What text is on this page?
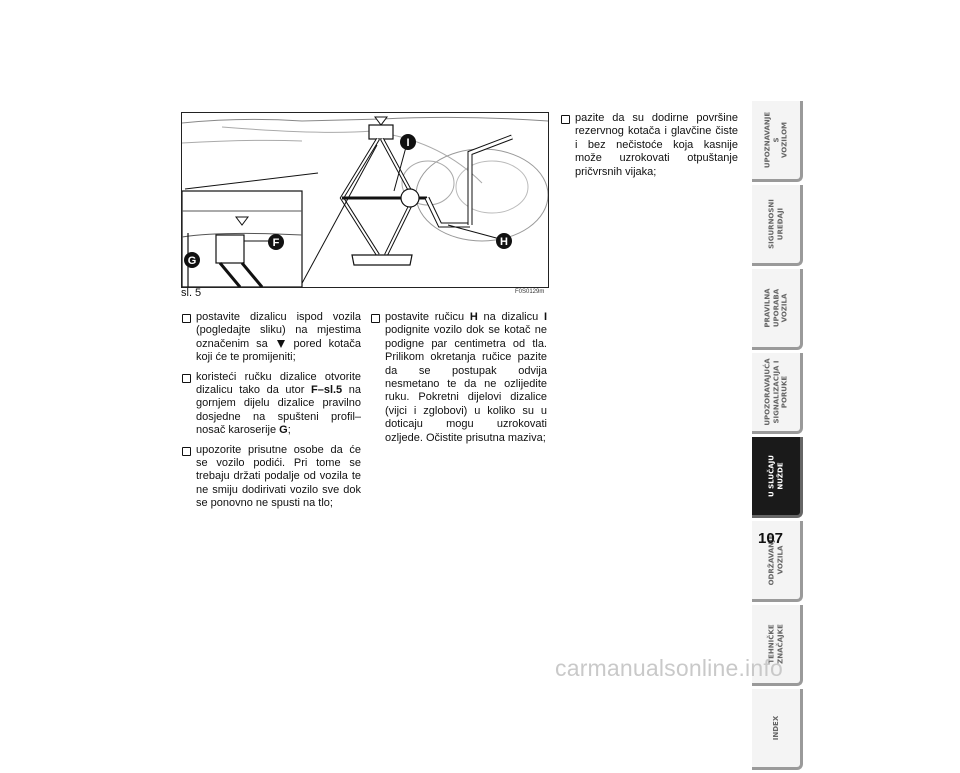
I
H
F
G
sl. 5	F0S0129m
postavite dizalicu ispod vozila (pogledajte sliku) na mjestima označenim sa pored kotača koji će te promijeniti;
koristeći ručku dizalice otvorite dizalicu tako da utor F–sl.5 na gornjem dijelu dizalice pravilno dosjedne na spušteni profil–nosač karoserije G;
upozorite prisutne osobe da će se vozilo podići. Pri tome se trebaju držati podalje od vozila te ne smiju dodirivati vozilo sve dok se ponovno ne spusti na tlo;
postavite ručicu H na dizalicu I podignite vozilo dok se kotač ne podigne par centimetra od tla. Prilikom okretanja ručice pazite da se postupak odvija nesmetano te da ne ozlijedite ruku. Pokretni dijelovi dizalice (vijci i zglobovi) u koliko su u doticaju mogu uzrokovati ozljede. Očistite prisutna maziva;
pazite da su dodirne površine rezervnog kotača i glavčine čiste i bez nečistoće koja kasnije može uzrokovati otpuštanje pričvrsnih vijaka;
UPOZNAVANJE
S
VOZILOM
SIGURNOSNI
UREĐAJI
PRAVILNA
UPORABA
VOZILA
UPOZORAVAJUĆA
SIGNALIZACIJA I
PORUKE
U SLUČAJU
NUŽDE
ODRŽAVANJE
VOZILA
TEHNIČKE
ZNAČAJKE
INDEX
107
carmanualsonline.info
